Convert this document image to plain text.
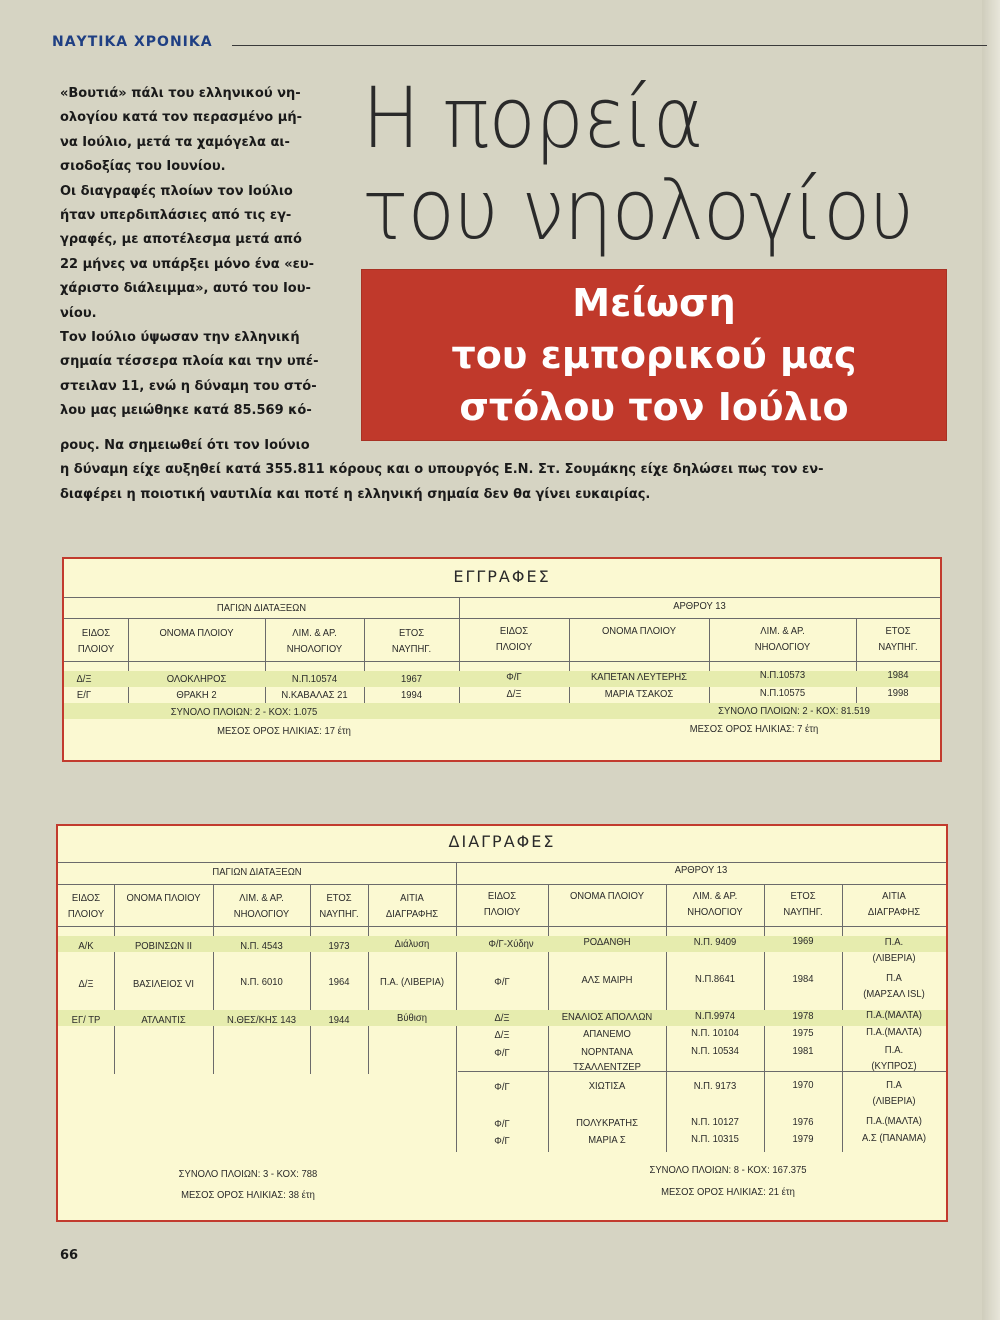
ΝΑΥΤΙΚΑ ΧΡΟΝΙΚΑ

«Βουτιά» πάλι του ελληνικού νη-

ολογίου κατά τον περασμένο μή-

να Ιούλιο, μετά τα χαμόγελα αι-

σιοδοξίας του Ιουνίου.

Οι διαγραφές πλοίων τον Ιούλιο

ήταν υπερδιπλάσιες από τις εγ-

γραφές, με αποτέλεσμα μετά από

22 μήνες να υπάρξει μόνο ένα «ευ-

χάριστο διάλειμμα», αυτό του Ιου-

νίου.

Τον Ιούλιο ύψωσαν την ελληνική

σημαία τέσσερα πλοία και την υπέ-

στειλαν 11, ενώ η δύναμη του στό-

λου μας μειώθηκε κατά 85.569 κό-

Η πορεία
του νηολογίου
Μείωση
του εμπορικού μας
στόλου τον Ιούλιο
ρους. Να σημειωθεί ότι τον Ιούνιο
η δύναμη είχε αυξηθεί κατά 355.811 κόρους και ο υπουργός Ε.Ν. Στ. Σουμάκης είχε δηλώσει πως τον εν-
διαφέρει η ποιοτική ναυτιλία και ποτέ η ελληνική σημαία δεν θα γίνει ευκαιρίας.
ΕΓΓΡΑΦΕΣ
ΠΑΓΙΩΝ ΔΙΑΤΑΞΕΩΝ	ΑΡΘΡΟΥ 13
ΕΙΔΟΣ
ΠΛΟΙΟΥ
ΟΝΟΜΑ ΠΛΟΙΟΥ	ΛΙΜ. & ΑΡ.
ΝΗΟΛΟΓΙΟΥ
ΕΤΟΣ
ΝΑΥΠΗΓ.
ΕΙΔΟΣ
ΠΛΟΙΟΥ
ΟΝΟΜΑ ΠΛΟΙΟΥ	ΛΙΜ. & ΑΡ.
ΝΗΟΛΟΓΙΟΥ
ΕΤΟΣ
ΝΑΥΠΗΓ.
Δ/Ξ	ΟΛΟΚΛΗΡΟΣ	Ν.Π.10574	1967
Ε/Γ	ΘΡΑΚΗ 2	Ν.ΚΑΒΑΛΑΣ 21	1994
Φ/Γ	ΚΑΠΕΤΑΝ ΛΕΥΤΕΡΗΣ	Ν.Π.10573	1984
Δ/Ξ	ΜΑΡΙΑ ΤΣΑΚΟΣ	Ν.Π.10575	1998
ΣΥΝΟΛΟ ΠΛΟΙΩΝ: 2 - ΚΟΧ: 1.075
ΜΕΣΟΣ ΟΡΟΣ ΗΛΙΚΙΑΣ: 17 έτη
ΣΥΝΟΛΟ ΠΛΟΙΩΝ: 2 - ΚΟΧ: 81.519
ΜΕΣΟΣ ΟΡΟΣ ΗΛΙΚΙΑΣ: 7 έτη
ΔΙΑΓΡΑΦΕΣ
ΠΑΓΙΩΝ ΔΙΑΤΑΞΕΩΝ	ΑΡΘΡΟΥ 13
ΕΙΔΟΣ
ΠΛΟΙΟΥ
ΟΝΟΜΑ ΠΛΟΙΟΥ	ΛΙΜ. & ΑΡ.
ΝΗΟΛΟΓΙΟΥ
ΕΤΟΣ
ΝΑΥΠΗΓ.
ΑΙΤΙΑ
ΔΙΑΓΡΑΦΗΣ
ΕΙΔΟΣ
ΠΛΟΙΟΥ
ΟΝΟΜΑ ΠΛΟΙΟΥ	ΛΙΜ. & ΑΡ.
ΝΗΟΛΟΓΙΟΥ
ΕΤΟΣ
ΝΑΥΠΗΓ.
ΑΙΤΙΑ
ΔΙΑΓΡΑΦΗΣ
Α/Κ	ΡΟΒΙΝΣΩΝ ΙΙ	Ν.Π. 4543	1973	Διάλυση
Δ/Ξ	ΒΑΣΙΛΕΙΟΣ VI	Ν.Π. 6010	1964	Π.Α. (ΛΙΒΕΡΙΑ)
ΕΓ/ ΤΡ	ΑΤΛΑΝΤΙΣ	Ν.ΘΕΣ/ΚΗΣ 143	1944	Βύθιση
Φ/Γ-Χύδην	ΡΟΔΑΝΘΗ	Ν.Π. 9409	1969	Π.Α.
(ΛΙΒΕΡΙΑ)
Φ/Γ	ΑΛΣ ΜΑΙΡΗ	Ν.Π.8641	1984	Π.Α
(ΜΑΡΣΑΛ ISL)
Δ/Ξ	ΕΝΑΛΙΟΣ ΑΠΟΛΛΩΝ	Ν.Π.9974	1978	Π.Α.(ΜΑΛΤΑ)
Δ/Ξ	ΑΠΑΝΕΜΟ	Ν.Π. 10104	1975	Π.Α.(ΜΑΛΤΑ)
Φ/Γ	ΝΟΡΝΤΑΝΑ
ΤΣΑΛΛΕΝΤΖΕΡ
Ν.Π. 10534	1981	Π.Α.
(ΚΥΠΡΟΣ)
Φ/Γ	ΧΙΩΤΙΣΑ	Ν.Π. 9173	1970	Π.Α
(ΛΙΒΕΡΙΑ)
Φ/Γ	ΠΟΛΥΚΡΑΤΗΣ	Ν.Π. 10127	1976	Π.Α.(ΜΑΛΤΑ)
Φ/Γ	ΜΑΡΙΑ Σ	Ν.Π. 10315	1979	Α.Σ (ΠΑΝΑΜΑ)
ΣΥΝΟΛΟ ΠΛΟΙΩΝ: 3 - ΚΟΧ: 788
ΜΕΣΟΣ ΟΡΟΣ ΗΛΙΚΙΑΣ: 38 έτη
ΣΥΝΟΛΟ ΠΛΟΙΩΝ: 8 - ΚΟΧ: 167.375
ΜΕΣΟΣ ΟΡΟΣ ΗΛΙΚΙΑΣ: 21 έτη
66
